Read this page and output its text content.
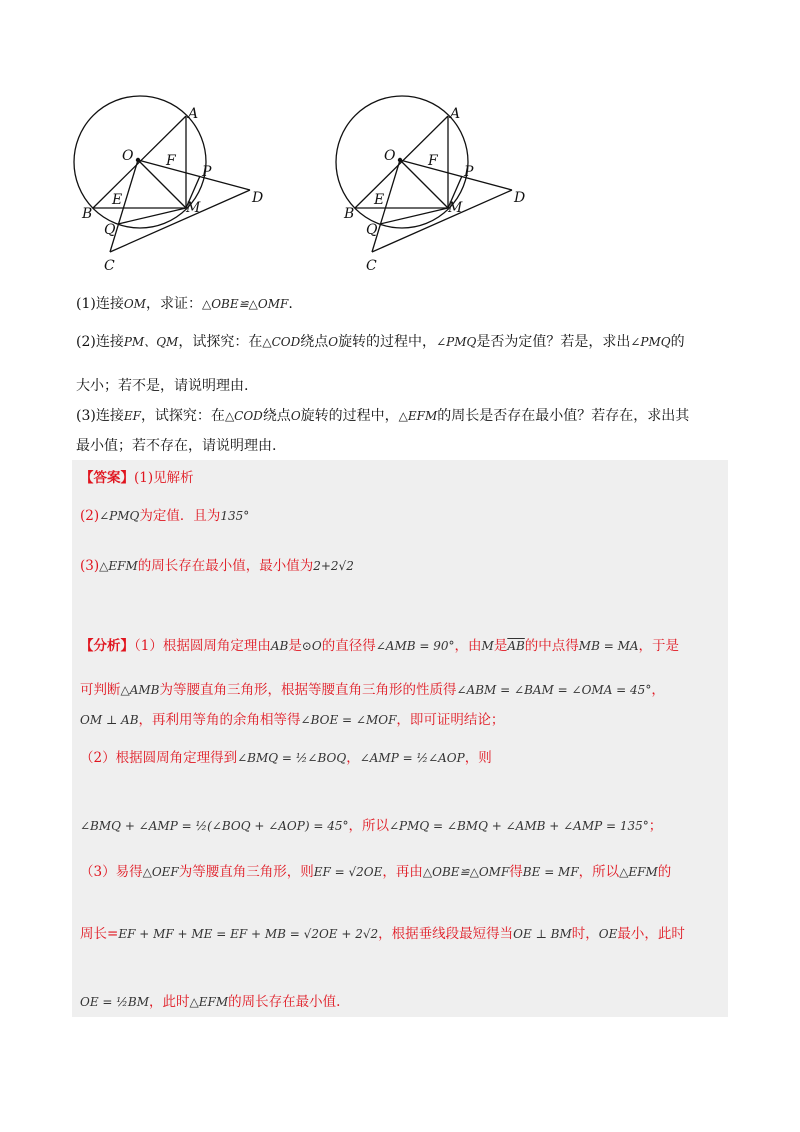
A
O F
P
D
E
B	M
Q
C
A
O F
P
D
E
B	M
Q
C
(1)连接OM，求证：△OBE≌△OMF.
(2)连接PM、QM，试探究：在△COD绕点O旋转的过程中，∠PMQ是否为定值？若是，求出∠PMQ的
大小；若不是，请说明理由.
(3)连接EF，试探究：在△COD绕点O旋转的过程中，△EFM的周长是否存在最小值？若存在，求出其
最小值；若不存在，请说明理由.
【答案】(1)见解析
(2)∠PMQ为定值．且为135°
(3)△EFM的周长存在最小值，最小值为2+2√2
【分析】（1）根据圆周角定理由AB是⊙O的直径得∠AMB = 90°，由M是$\overline{AB}$的中点得MB = MA，于是
可判断△AMB为等腰直角三角形，根据等腰直角三角形的性质得∠ABM = ∠BAM = ∠OMA = 45°，
OM ⊥ AB，再利用等角的余角相等得∠BOE = ∠MOF，即可证明结论；
（2）根据圆周角定理得到∠BMQ = ½∠BOQ，∠AMP = ½∠AOP，则
∠BMQ + ∠AMP = ½(∠BOQ + ∠AOP) = 45°，所以∠PMQ = ∠BMQ + ∠AMB + ∠AMP = 135°；
（3）易得△OEF为等腰直角三角形，则EF = √2OE，再由△OBE≌△OMF得BE = MF，所以△EFM的
周长=EF + MF + ME = EF + MB = √2OE + 2√2，根据垂线段最短得当OE ⊥ BM时，OE最小，此时
OE = ½BM，此时△EFM的周长存在最小值.
